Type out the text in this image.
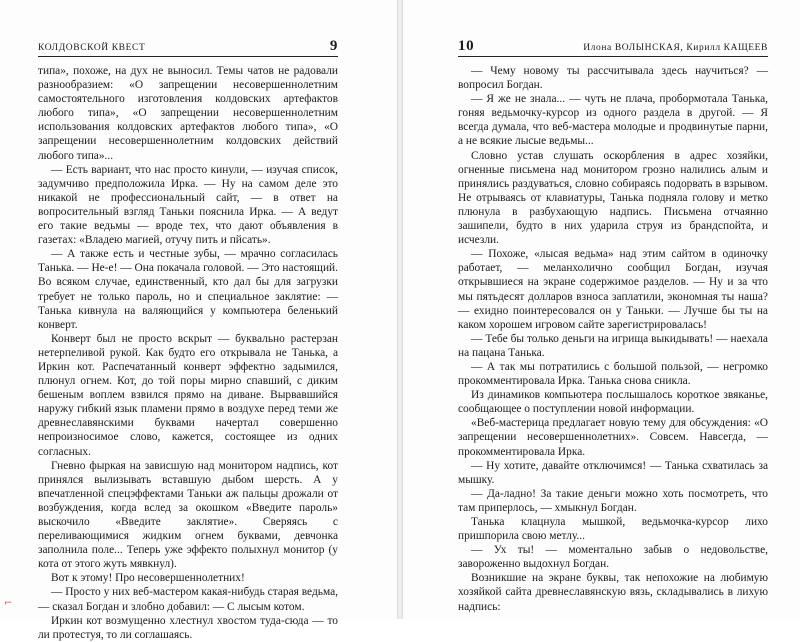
КОЛДОВСКОЙ КВЕСТ	9

типа», похоже, на дух не выносил. Темы чатов не радовали разнообразием: «О запрещении несовершеннолетним самостоятельного изготовления колдовских артефактов любого типа», «О запрещении несовершеннолетним использования колдовских артефактов любого типа», «О запрещении несовершеннолетним колдовских действий любого типа»...

— Есть вариант, что нас просто кинули, — изучая список, задумчиво предположила Ирка. — Ну на самом деле это никакой не профессиональный сайт, — в ответ на вопросительный взгляд Таньки пояснила Ирка. — А ведут его такие ведьмы — вроде тех, что дают объявления в газетах: «Владею магией, отучу пить и пйсать».

— А также есть и честные зубы, — мрачно согласилась Танька. — Не-е! — Она покачала головой. — Это настоящий. Во всяком случае, единственный, кто дал бы для загрузки требует не только пароль, но и специальное заклятие: — Танька кивнула на валяющийся у компьютера беленький конверт.

Конверт был не просто вскрыт — буквально растерзан нетерпеливой рукой. Как будто его открывала не Танька, а Иркин кот. Распечатанный конверт эффектно задымился, плюнул огнем. Кот, до той поры мирно спавший, с диким бешеным воплем взвился прямо на диване. Вырвавшийся наружу гибкий язык пламени прямо в воздухе перед теми же древнеславянскими буквами начертал совершенно непроизносимое слово, кажется, состоящее из одних согласных.

Гневно фыркая на зависшую над монитором надпись, кот принялся вылизывать вставшую дыбом шерсть. А у впечатленной спецэффектами Таньки аж пальцы дрожали от возбуждения, когда вслед за окошком «Введите пароль» выскочило «Введите заклятие». Сверяясь с переливающимися жидким огнем буквами, девчонка заполнила поле... Теперь уже эффекто полыхнул монитор (у кота от этого жуть мявкнул).

Вот к этому! Про несовершеннолетних!

— Просто у них веб-мастером какая-нибудь старая ведьма, — сказал Богдан и злобно добавил: — С лысым котом.

Иркин кот возмущенно хлестнул хвостом туда-сюда — то ли протестуя, то ли соглашаясь.

10	Илона ВОЛЫНСКАЯ, Кирилл КАЩЕЕВ

— Чему новому ты рассчитывала здесь научиться? — вопросил Богдан.

— Я же не знала... — чуть не плача, пробормотала Танька, гоняя ведьмочку-курсор из одного раздела в другой. — Я всегда думала, что веб-мастера молодые и продвинутые парни, а не всякие лысые ведьмы...

Словно устав слушать оскорбления в адрес хозяйки, огненные письмена над монитором грозно налились алым и принялись раздуваться, словно собираясь подорвать в взрывом. Не отрываясь от клавиатуры, Танька подняла голову и метко плюнула в разбухающую надпись. Письмена отчаянно зашипели, будто в них ударила струя из брандспойта, и исчезли.

— Похоже, «лысая ведьма» над этим сайтом в одиночку работает, — меланхолично сообщил Богдан, изучая открывшиеся на экране содержимое разделов. — Ну и за что мы пятьдесят долларов взноса заплатили, экономная ты наша? — ехидно поинтересовался он у Таньки. — Лучше бы ты на каком хорошем игровом сайте зарегистрировалась!

— Тебе бы только деньги на игрища выкидывать! — наехала на пацана Танька.

— А так мы потратились с большой пользой, — негромко прокомментировала Ирка. Танька снова сникла.

Из динамиков компьютера послышалось короткое звяканье, сообщающее о поступлении новой информации.

«Веб-мастерица предлагает новую тему для обсуждения: «О запрещении несовершеннолетних». Совсем. Навсегда, — прокомментировала Ирка.

— Ну хотите, давайте отключимся! — Танька схватилась за мышку.

— Да-ладно! За такие деньги можно хоть посмотреть, что там приперлось, — хмыкнул Богдан.

Танька клацнула мышкой, ведьмочка-курсор лихо пришпорила свою метлу...

— Ух ты! — моментально забыв о недовольстве, завороженно выдохнул Богдан.

Возникшие на экране буквы, так непохожие на любимую хозяйкой сайта древнеславянскую вязь, складывались в лихую надпись:

⌐
